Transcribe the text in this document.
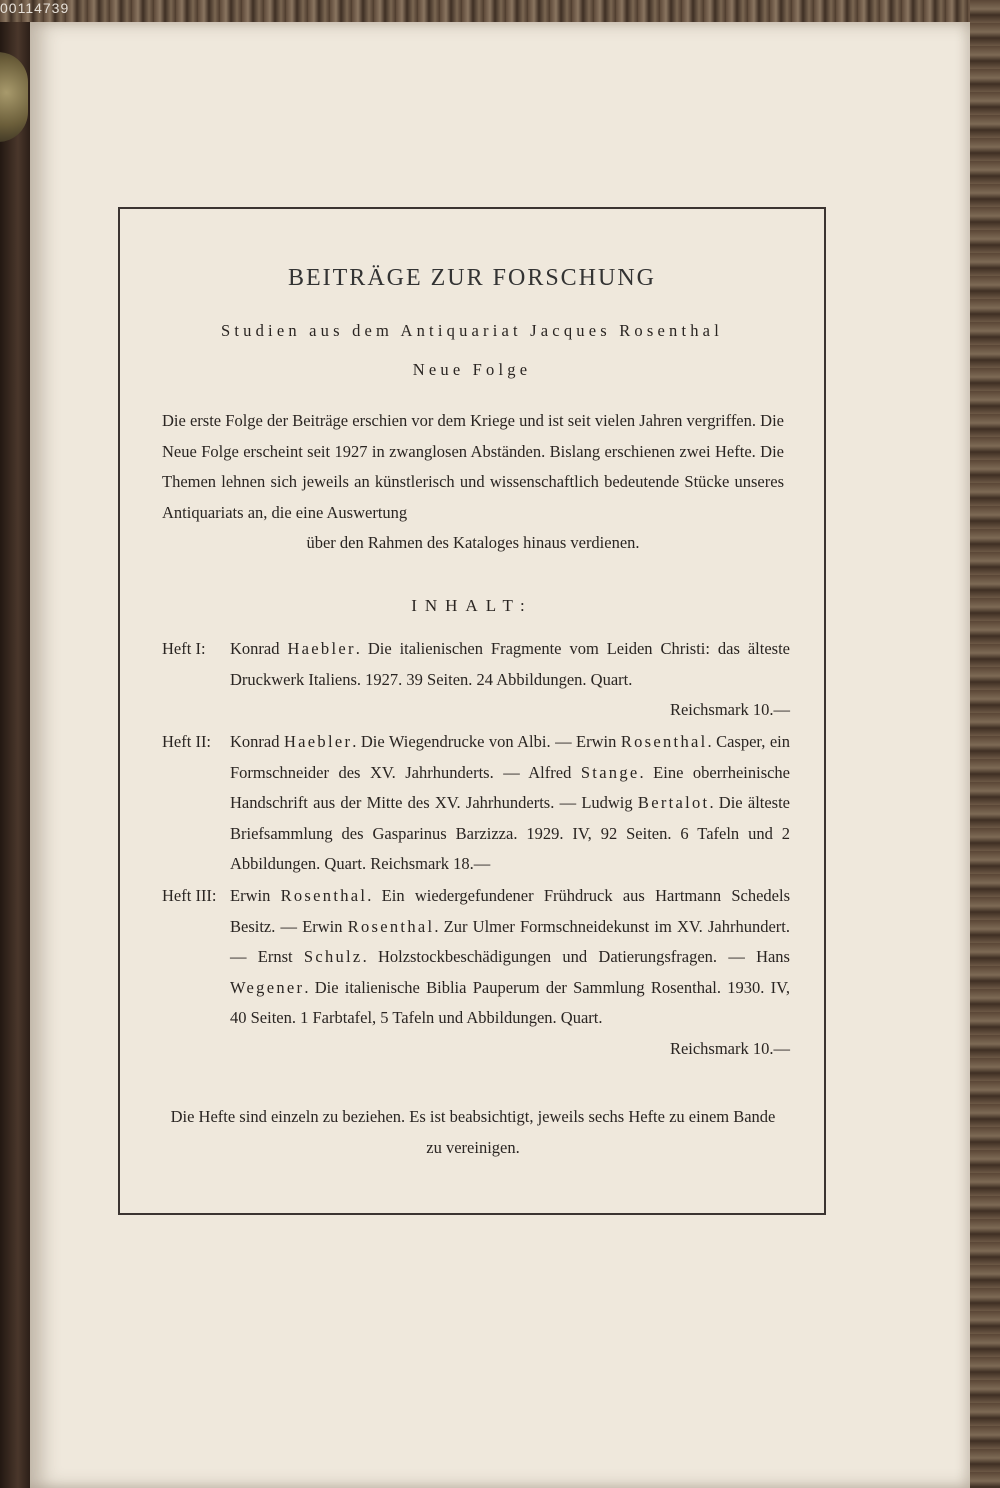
00114739
BEITRÄGE ZUR FORSCHUNG
Studien aus dem Antiquariat Jacques Rosenthal
Neue Folge
Die erste Folge der Beiträge erschien vor dem Kriege und ist seit vielen Jahren vergriffen. Die Neue Folge erscheint seit 1927 in zwanglosen Abständen. Bislang erschienen zwei Hefte. Die Themen lehnen sich jeweils an künstlerisch und wissenschaftlich bedeutende Stücke unseres Antiquariats an, die eine Auswertung
über den Rahmen des Kataloges hinaus verdienen.
INHALT:
Heft I: Konrad Haebler. Die italienischen Fragmente vom Leiden Christi: das älteste Druckwerk Italiens. 1927. 39 Seiten. 24 Abbildungen. Quart.
Reichsmark 10.—
Heft II: Konrad Haebler. Die Wiegendrucke von Albi. — Erwin Rosenthal. Casper, ein Formschneider des XV. Jahrhunderts. — Alfred Stange. Eine oberrheinische Handschrift aus der Mitte des XV. Jahrhunderts. — Ludwig Bertalot. Die älteste Briefsammlung des Gasparinus Barzizza. 1929. IV, 92 Seiten. 6 Tafeln und 2 Abbildungen. Quart. Reichsmark 18.—
Heft III: Erwin Rosenthal. Ein wiedergefundener Frühdruck aus Hartmann Schedels Besitz. — Erwin Rosenthal. Zur Ulmer Formschneidekunst im XV. Jahrhundert. — Ernst Schulz. Holzstockbeschädigungen und Datierungsfragen. — Hans Wegener. Die italienische Biblia Pauperum der Sammlung Rosenthal. 1930. IV, 40 Seiten. 1 Farbtafel, 5 Tafeln und Abbildungen. Quart.
Reichsmark 10.—
Die Hefte sind einzeln zu beziehen. Es ist beabsichtigt, jeweils sechs Hefte zu einem Bande zu vereinigen.
